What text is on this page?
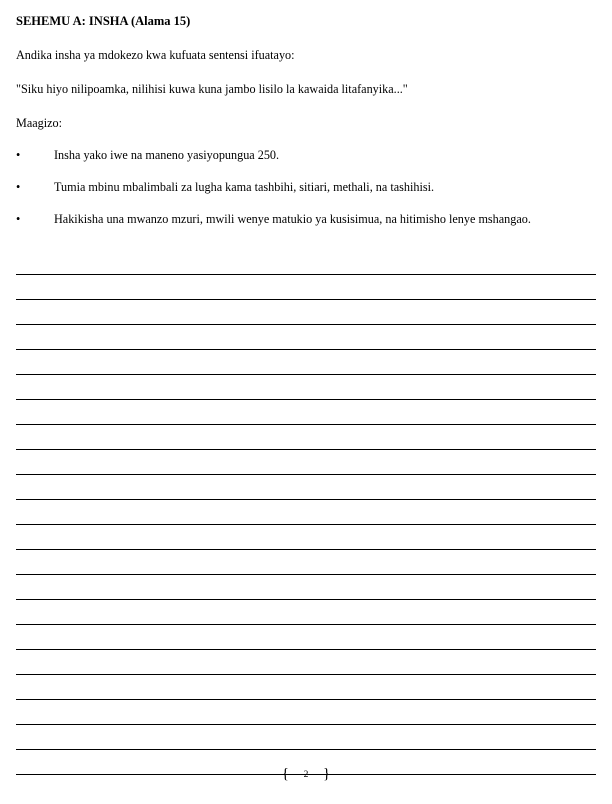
SEHEMU A: INSHA (Alama 15)
Andika insha ya mdokezo kwa kufuata sentensi ifuatayo:
"Siku hiyo nilipoamka, nilihisi kuwa kuna jambo lisilo la kawaida litafanyika..."
Maagizo:
•	Insha yako iwe na maneno yasiyopungua 250.
•	Tumia mbinu mbalimbali za lugha kama tashbihi, sitiari, methali, na tashihisi.
•	Hakikisha una mwanzo mzuri, mwili wenye matukio ya kusisimua, na hitimisho lenye mshangao.
{	2 }
